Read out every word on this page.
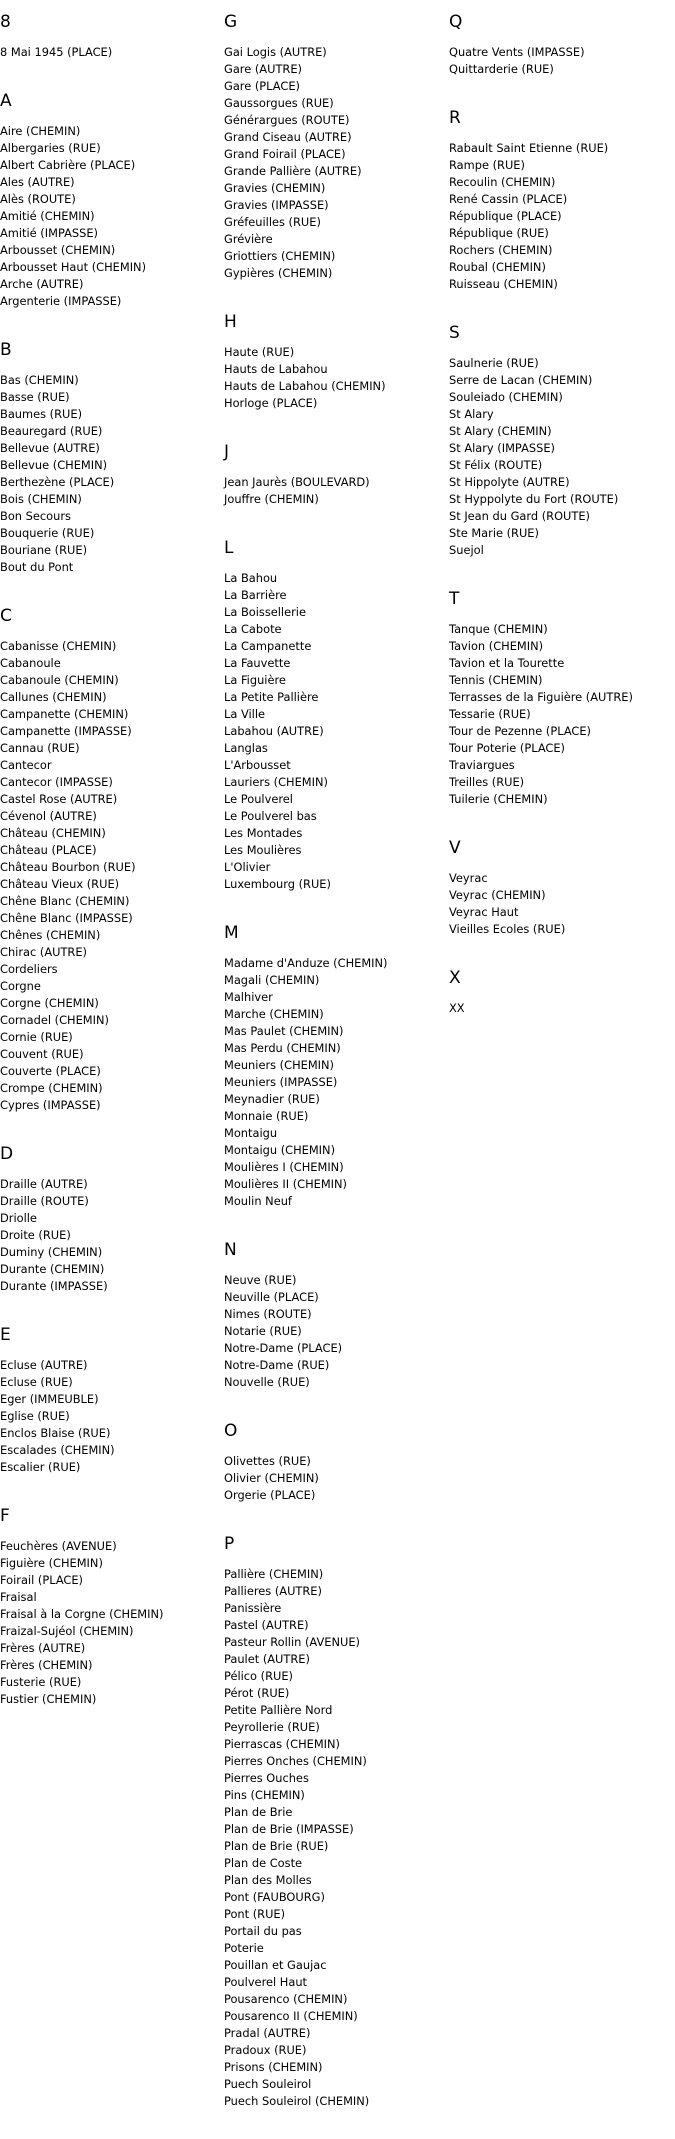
8
8 Mai 1945 (PLACE)
A
Aire (CHEMIN)
Albergaries (RUE)
Albert Cabrière (PLACE)
Ales (AUTRE)
Alès (ROUTE)
Amitié (CHEMIN)
Amitié (IMPASSE)
Arbousset (CHEMIN)
Arbousset Haut (CHEMIN)
Arche (AUTRE)
Argenterie (IMPASSE)
B
Bas (CHEMIN)
Basse (RUE)
Baumes (RUE)
Beauregard (RUE)
Bellevue (AUTRE)
Bellevue (CHEMIN)
Berthezène (PLACE)
Bois (CHEMIN)
Bon Secours
Bouquerie (RUE)
Bouriane (RUE)
Bout du Pont
C
Cabanisse (CHEMIN)
Cabanoule
Cabanoule (CHEMIN)
Callunes (CHEMIN)
Campanette (CHEMIN)
Campanette (IMPASSE)
Cannau (RUE)
Cantecor
Cantecor (IMPASSE)
Castel Rose (AUTRE)
Cévenol (AUTRE)
Château (CHEMIN)
Château (PLACE)
Château Bourbon (RUE)
Château Vieux (RUE)
Chêne Blanc (CHEMIN)
Chêne Blanc (IMPASSE)
Chênes (CHEMIN)
Chirac (AUTRE)
Cordeliers
Corgne
Corgne (CHEMIN)
Cornadel (CHEMIN)
Cornie (RUE)
Couvent (RUE)
Couverte (PLACE)
Crompe (CHEMIN)
Cypres (IMPASSE)
D
Draille (AUTRE)
Draille (ROUTE)
Driolle
Droite (RUE)
Duminy (CHEMIN)
Durante (CHEMIN)
Durante (IMPASSE)
E
Ecluse (AUTRE)
Ecluse (RUE)
Eger (IMMEUBLE)
Eglise (RUE)
Enclos Blaise (RUE)
Escalades (CHEMIN)
Escalier (RUE)
F
Feuchères (AVENUE)
Figuière (CHEMIN)
Foirail (PLACE)
Fraisal
Fraisal à la Corgne (CHEMIN)
Fraizal-Sujéol (CHEMIN)
Frères (AUTRE)
Frères (CHEMIN)
Fusterie (RUE)
Fustier (CHEMIN)
G
Gai Logis (AUTRE)
Gare (AUTRE)
Gare (PLACE)
Gaussorgues (RUE)
Générargues (ROUTE)
Grand Ciseau (AUTRE)
Grand Foirail (PLACE)
Grande Pallière (AUTRE)
Gravies (CHEMIN)
Gravies (IMPASSE)
Gréfeuilles (RUE)
Grévière
Griottiers (CHEMIN)
Gypières (CHEMIN)
H
Haute (RUE)
Hauts de Labahou
Hauts de Labahou (CHEMIN)
Horloge (PLACE)
J
Jean Jaurès (BOULEVARD)
Jouffre (CHEMIN)
L
La Bahou
La Barrière
La Boissellerie
La Cabote
La Campanette
La Fauvette
La Figuière
La Petite Pallière
La Ville
Labahou (AUTRE)
Langlas
L'Arbousset
Lauriers (CHEMIN)
Le Poulverel
Le Poulverel bas
Les Montades
Les Moulières
L'Olivier
Luxembourg (RUE)
M
Madame d'Anduze (CHEMIN)
Magali (CHEMIN)
Malhiver
Marche (CHEMIN)
Mas Paulet (CHEMIN)
Mas Perdu (CHEMIN)
Meuniers (CHEMIN)
Meuniers (IMPASSE)
Meynadier (RUE)
Monnaie (RUE)
Montaigu
Montaigu (CHEMIN)
Moulières I (CHEMIN)
Moulières II (CHEMIN)
Moulin Neuf
N
Neuve (RUE)
Neuville (PLACE)
Nimes (ROUTE)
Notarie (RUE)
Notre-Dame (PLACE)
Notre-Dame (RUE)
Nouvelle (RUE)
O
Olivettes (RUE)
Olivier (CHEMIN)
Orgerie (PLACE)
P
Pallière (CHEMIN)
Pallieres (AUTRE)
Panissière
Pastel (AUTRE)
Pasteur Rollin (AVENUE)
Paulet (AUTRE)
Pélico (RUE)
Pérot (RUE)
Petite Pallière Nord
Peyrollerie (RUE)
Pierrascas (CHEMIN)
Pierres Onches (CHEMIN)
Pierres Ouches
Pins (CHEMIN)
Plan de Brie
Plan de Brie (IMPASSE)
Plan de Brie (RUE)
Plan de Coste
Plan des Molles
Pont (FAUBOURG)
Pont (RUE)
Portail du pas
Poterie
Pouillan et Gaujac
Poulverel Haut
Pousarenco (CHEMIN)
Pousarenco II (CHEMIN)
Pradal (AUTRE)
Pradoux (RUE)
Prisons (CHEMIN)
Puech Souleirol
Puech Souleirol (CHEMIN)
Q
Quatre Vents (IMPASSE)
Quittarderie (RUE)
R
Rabault Saint Etienne (RUE)
Rampe (RUE)
Recoulin (CHEMIN)
René Cassin (PLACE)
République (PLACE)
République (RUE)
Rochers (CHEMIN)
Roubal (CHEMIN)
Ruisseau (CHEMIN)
S
Saulnerie (RUE)
Serre de Lacan (CHEMIN)
Souleiado (CHEMIN)
St Alary
St Alary (CHEMIN)
St Alary (IMPASSE)
St Félix (ROUTE)
St Hippolyte (AUTRE)
St Hyppolyte du Fort (ROUTE)
St Jean du Gard (ROUTE)
Ste Marie (RUE)
Suejol
T
Tanque (CHEMIN)
Tavion (CHEMIN)
Tavion et la Tourette
Tennis (CHEMIN)
Terrasses de la Figuière (AUTRE)
Tessarie (RUE)
Tour de Pezenne (PLACE)
Tour Poterie (PLACE)
Traviargues
Treilles (RUE)
Tuilerie (CHEMIN)
V
Veyrac
Veyrac (CHEMIN)
Veyrac Haut
Vieilles Ecoles (RUE)
X
XX
